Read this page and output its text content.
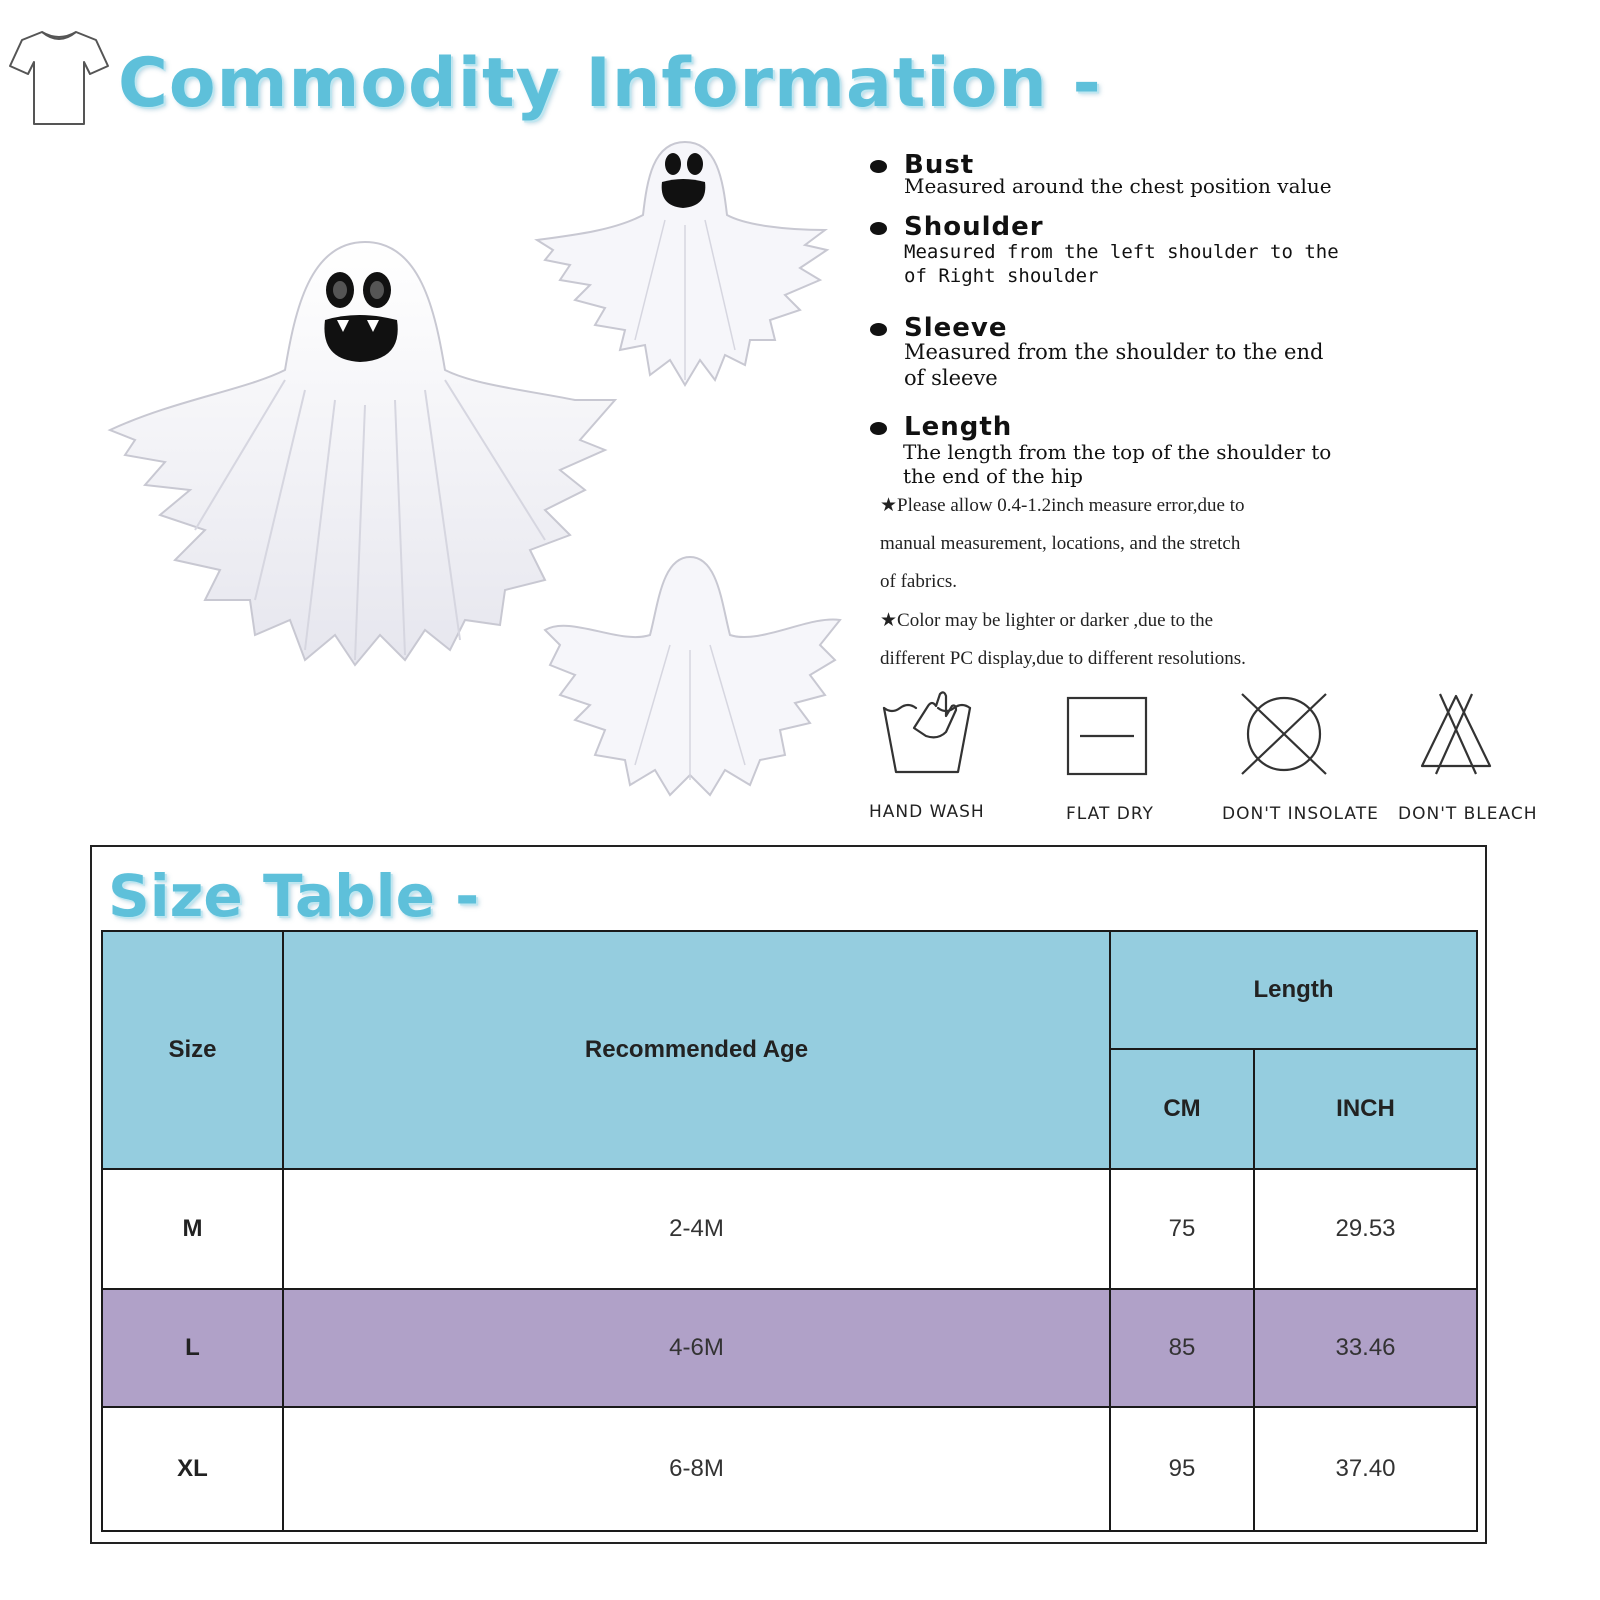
Commodity Information -
Bust
Measured around the chest position value
Shoulder
Measured from the left shoulder to the
of Right shoulder
Sleeve
Measured from the shoulder to the end
of sleeve
Length
The length from the top of the shoulder to
the end of the hip
★Please allow 0.4-1.2inch measure error,due to
manual measurement, locations, and the stretch
of fabrics.
★Color may be lighter or darker ,due to the
different PC display,due to different resolutions.
HAND WASH	FLAT DRY	DON'T INSOLATE DON'T BLEACH
Size Table -
Size	Recommended Age	Length	
		CM	INCH
M	2-4M	75	29.53
L	4-6M	85	33.46
XL	6-8M	95	37.40
